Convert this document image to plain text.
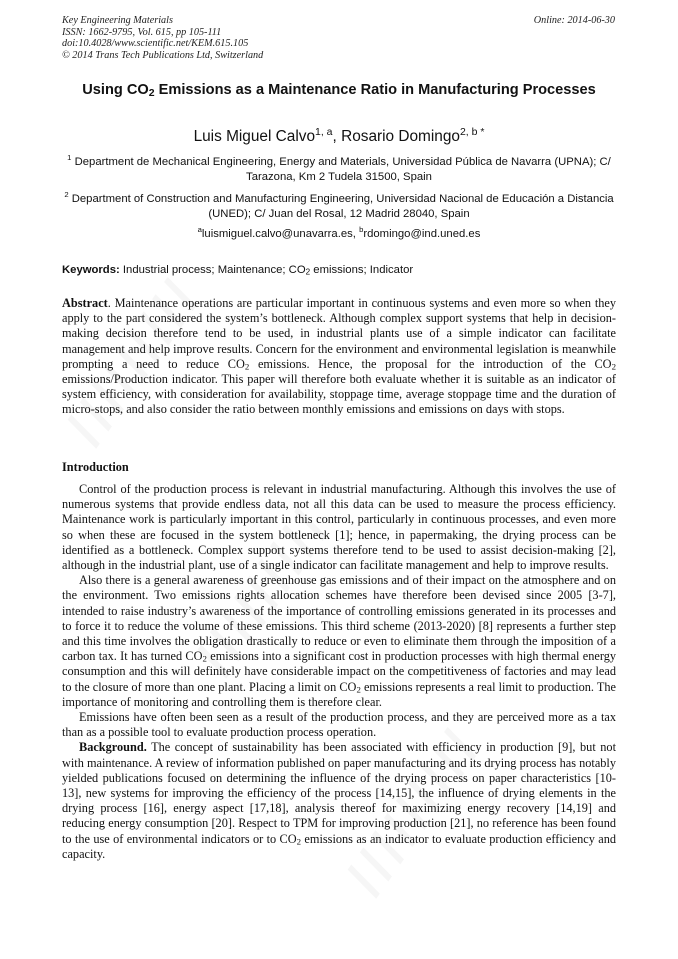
Key Engineering Materials
ISSN: 1662-9795, Vol. 615, pp 105-111
doi:10.4028/www.scientific.net/KEM.615.105
© 2014 Trans Tech Publications Ltd, Switzerland
Online: 2014-06-30
Using CO2 Emissions as a Maintenance Ratio in Manufacturing Processes
Luis Miguel Calvo$^{1, a}$, Rosario Domingo$^{2, b *}$
$^1$ Department de Mechanical Engineering, Energy and Materials, Universidad Pública de Navarra (UPNA); C/ Tarazona, Km 2 Tudela 31500, Spain
$^2$ Department of Construction and Manufacturing Engineering, Universidad Nacional de Educación a Distancia (UNED); C/ Juan del Rosal, 12 Madrid 28040, Spain
$^a$luismiguel.calvo@unavarra.es, $^b$rdomingo@ind.uned.es
Keywords: Industrial process; Maintenance; CO2 emissions; Indicator

Abstract. Maintenance operations are particular important in continuous systems and even more so when they apply to the part considered the system’s bottleneck. Although complex support systems that help in decision-making decision therefore tend to be used, in industrial plants use of a simple indicator can facilitate management and help improve results. Concern for the environment and environmental legislation is meanwhile prompting a need to reduce CO2 emissions. Hence, the proposal for the introduction of the CO2 emissions/Production indicator. This paper will therefore both evaluate whether it is suitable as an indicator of system efficiency, with consideration for availability, stoppage time, average stoppage time and the duration of micro-stops, and also consider the ratio between monthly emissions and emissions on days with stops.

Introduction

Control of the production process is relevant in industrial manufacturing. Although this involves the use of numerous systems that provide endless data, not all this data can be used to measure the process efficiency. Maintenance work is particularly important in this control, particularly in continuous processes, and even more so when these are focused in the system bottleneck [1]; hence, in papermaking, the drying process can be identified as a bottleneck. Complex support systems therefore tend to be used to assist decision-making [2], although in the industrial plant, use of a single indicator can facilitate management and help to improve results.

Also there is a general awareness of greenhouse gas emissions and of their impact on the atmosphere and on the environment. Two emissions rights allocation schemes have therefore been devised since 2005 [3-7], intended to raise industry’s awareness of the importance of controlling emissions generated in its processes and to force it to reduce the volume of these emissions. This third scheme (2013-2020) [8] represents a further step and this time involves the obligation drastically to reduce or even to eliminate them through the imposition of a carbon tax. It has turned CO2 emissions into a significant cost in production processes with high thermal energy consumption and this will definitely have considerable impact on the competitiveness of factories and may lead to the closure of more than one plant. Placing a limit on CO2 emissions represents a real limit to production. The importance of monitoring and controlling them is therefore clear.

Emissions have often been seen as a result of the production process, and they are perceived more as a tax than as a possible tool to evaluate production process operation.

Background. The concept of sustainability has been associated with efficiency in production [9], but not with maintenance. A review of information published on paper manufacturing and its drying process has notably yielded publications focused on determining the influence of the drying process on paper characteristics [10-13], new systems for improving the efficiency of the process [14,15], the influence of drying elements in the drying process [16], energy aspect [17,18], analysis thereof for maximizing energy recovery [14,19] and reducing energy consumption [20]. Respect to TPM for improving production [21], no reference has been found to the use of environmental indicators or to CO2 emissions as an indicator to evaluate production efficiency and capacity.
